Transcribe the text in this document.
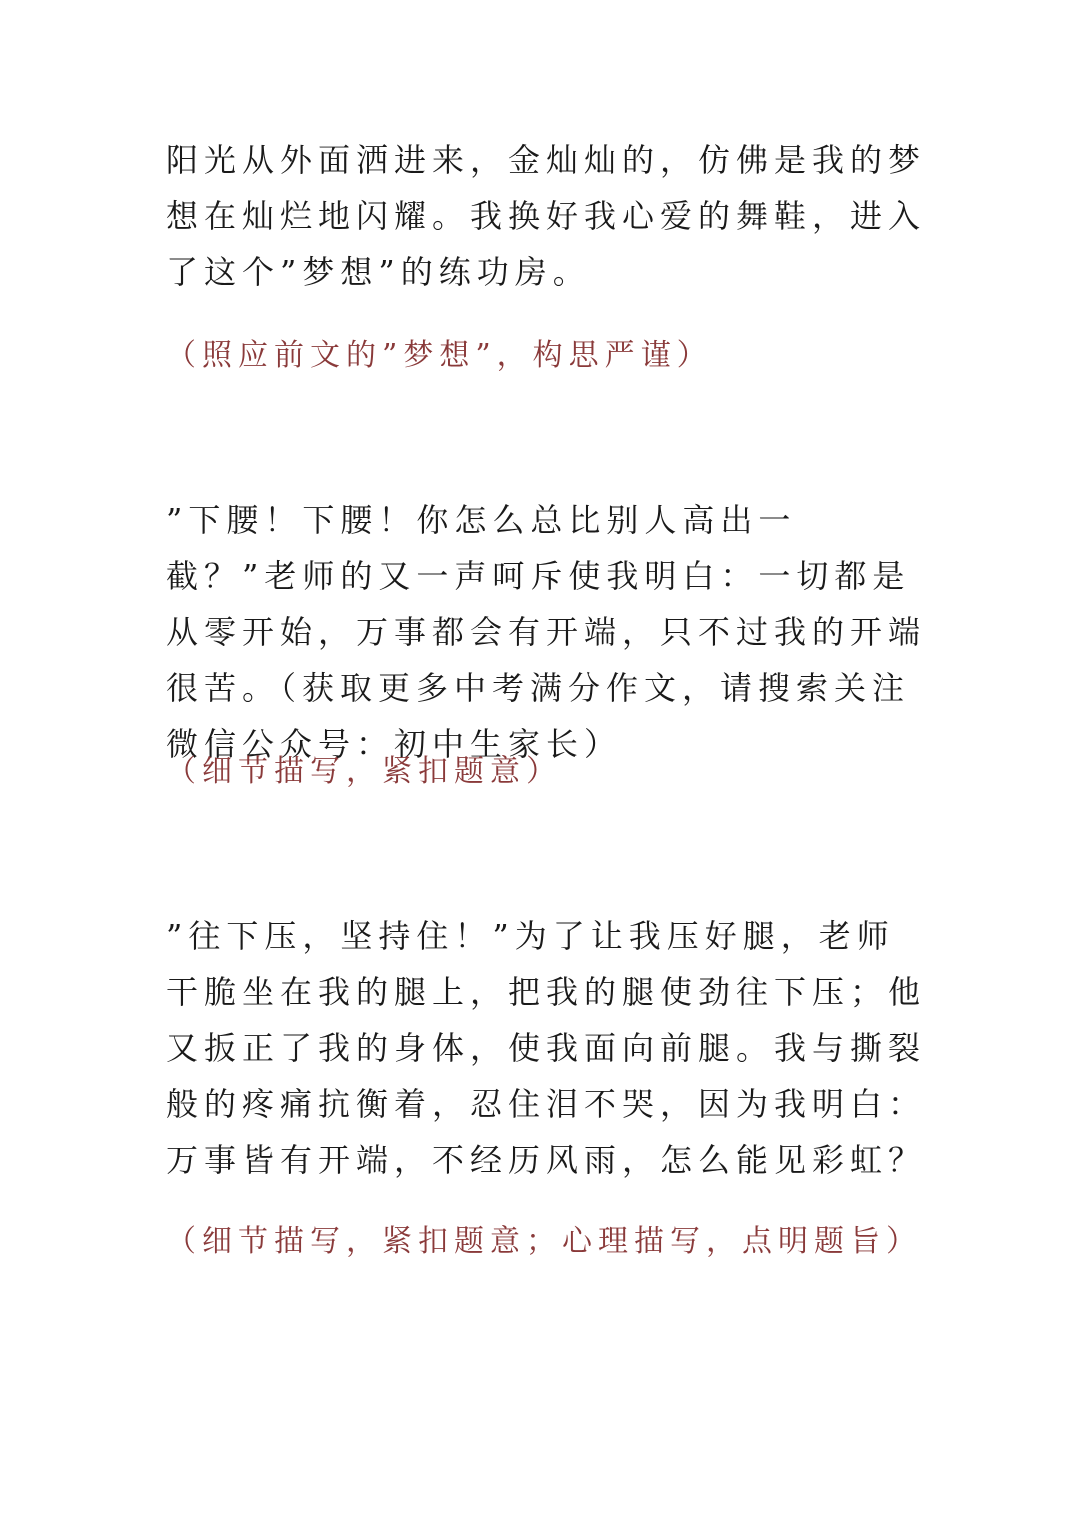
阳光从外面洒进来，金灿灿的，仿佛是我的梦想在灿烂地闪耀。我换好我心爱的舞鞋，进入了这个”梦想”的练功房。

（照应前文的”梦想”，构思严谨）

”下腰！下腰！你怎么总比别人高出一截？”老师的又一声呵斥使我明白：一切都是从零开始，万事都会有开端，只不过我的开端很苦。（获取更多中考满分作文，请搜索关注微信公众号：初中生家长）

（细节描写，紧扣题意）

”往下压，坚持住！”为了让我压好腿，老师干脆坐在我的腿上，把我的腿使劲往下压；他又扳正了我的身体，使我面向前腿。我与撕裂般的疼痛抗衡着，忍住泪不哭，因为我明白：万事皆有开端，不经历风雨，怎么能见彩虹？

（细节描写，紧扣题意；心理描写，点明题旨）
